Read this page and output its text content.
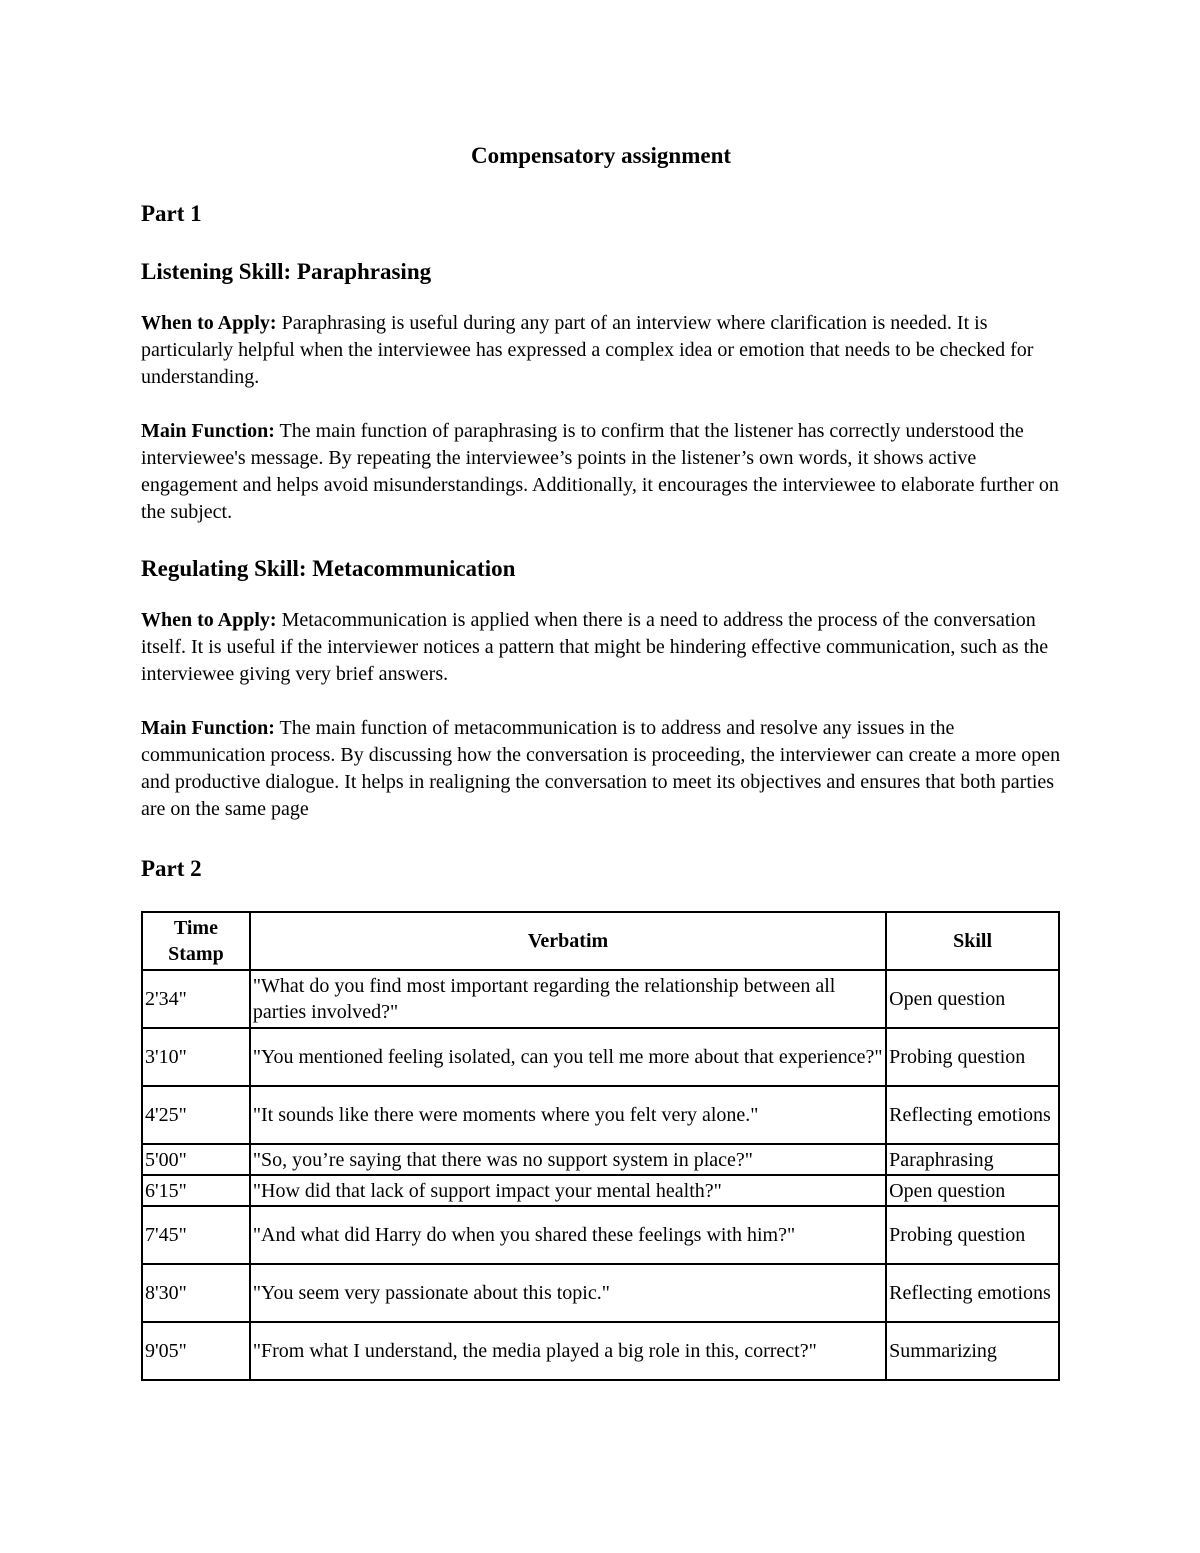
Compensatory assignment
Part 1
Listening Skill: Paraphrasing

When to Apply: Paraphrasing is useful during any part of an interview where clarification is needed. It is particularly helpful when the interviewee has expressed a complex idea or emotion that needs to be checked for understanding.

Main Function: The main function of paraphrasing is to confirm that the listener has correctly understood the interviewee's message. By repeating the interviewee’s points in the listener’s own words, it shows active engagement and helps avoid misunderstandings. Additionally, it encourages the interviewee to elaborate further on the subject.

Regulating Skill: Metacommunication

When to Apply: Metacommunication is applied when there is a need to address the process of the conversation itself. It is useful if the interviewer notices a pattern that might be hindering effective communication, such as the interviewee giving very brief answers.

Main Function: The main function of metacommunication is to address and resolve any issues in the communication process. By discussing how the conversation is proceeding, the interviewer can create a more open and productive dialogue. It helps in realigning the conversation to meet its objectives and ensures that both parties are on the same page

Part 2
Time Stamp	Verbatim	Skill
2'34"	"What do you find most important regarding the relationship between all parties involved?"	Open question
3'10"	"You mentioned feeling isolated, can you tell me more about that experience?"	Probing question
4'25"	"It sounds like there were moments where you felt very alone."	Reflecting emotions
5'00"	"So, you’re saying that there was no support system in place?"	Paraphrasing
6'15"	"How did that lack of support impact your mental health?"	Open question
7'45"	"And what did Harry do when you shared these feelings with him?"	Probing question
8'30"	"You seem very passionate about this topic."	Reflecting emotions
9'05"	"From what I understand, the media played a big role in this, correct?"	Summarizing
